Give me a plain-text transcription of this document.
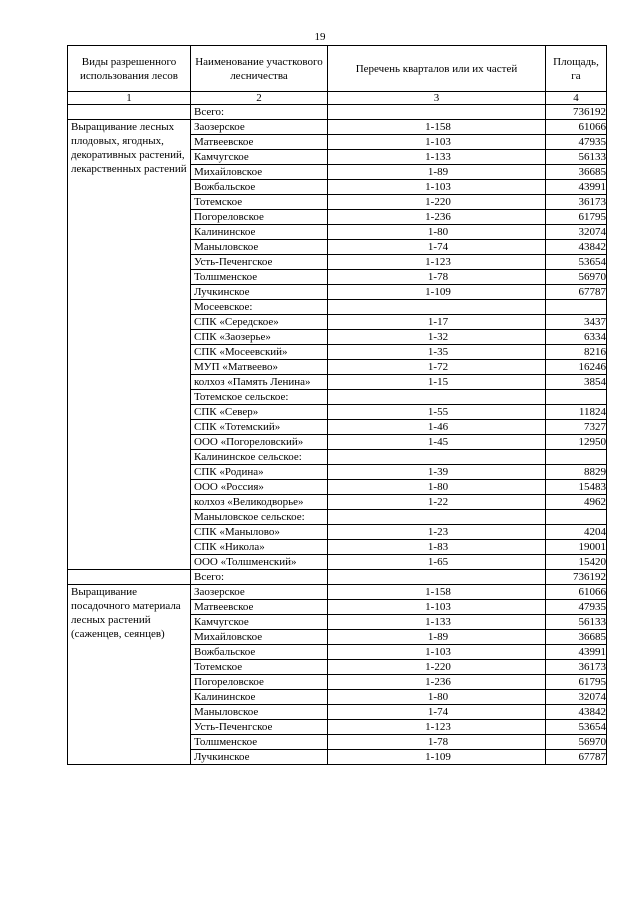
19
Виды разрешенного использования лесов	Наименование участкового лесничества	Перечень кварталов или их частей	Площадь, га
1	2	3	4
	Всего:		736192
Выращивание лесных плодовых, ягодных, декоративных растений, лекарственных растений	Заозерское	1-158	61066
	Матвеевское	1-103	47935
	Камчугское	1-133	56133
	Михайловское	1-89	36685
	Вожбальское	1-103	43991
	Тотемское	1-220	36173
	Погореловское	1-236	61795
	Калининское	1-80	32074
	Маныловское	1-74	43842
	Усть-Печенгское	1-123	53654
	Толшменское	1-78	56970
	Лучкинское	1-109	67787
	Мосеевское:		
	СПК «Середское»	1-17	3437
	СПК «Заозерье»	1-32	6334
	СПК «Мосеевский»	1-35	8216
	МУП «Матвеево»	1-72	16246
	колхоз «Память Ленина»	1-15	3854
	Тотемское сельское:		
	СПК «Север»	1-55	11824
	СПК «Тотемский»	1-46	7327
	ООО «Погореловский»	1-45	12950
	Калининское сельское:		
	СПК «Родина»	1-39	8829
	ООО «Россия»	1-80	15483
	колхоз «Великодворье»	1-22	4962
	Маныловское сельское:		
	СПК «Манылово»	1-23	4204
	СПК «Никола»	1-83	19001
	ООО «Толшменский»	1-65	15420
	Всего:		736192
Выращивание посадочного материала лесных растений (саженцев, сеянцев)	Заозерское	1-158	61066
	Матвеевское	1-103	47935
	Камчугское	1-133	56133
	Михайловское	1-89	36685
	Вожбальское	1-103	43991
	Тотемское	1-220	36173
	Погореловское	1-236	61795
	Калининское	1-80	32074
	Маныловское	1-74	43842
	Усть-Печенгское	1-123	53654
	Толшменское	1-78	56970
	Лучкинское	1-109	67787
